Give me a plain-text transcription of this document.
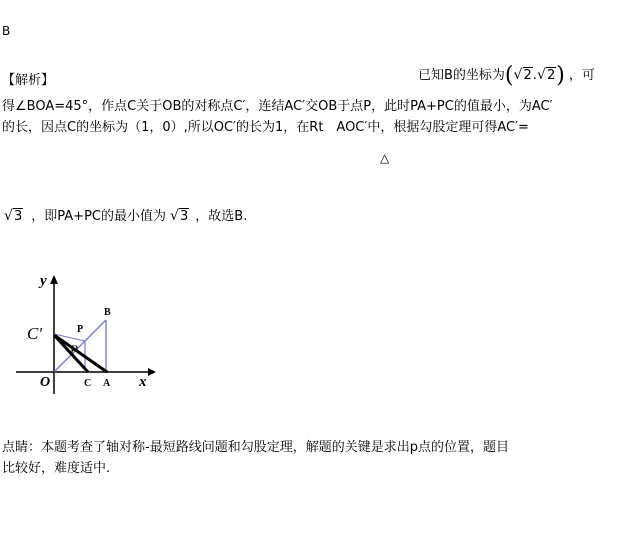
B
【解析】	已知B的坐标为( √ 2. √ 2) ，可
得∠BOA=45°，作点C关于OB的对称点C′，连结AC′交OB于点P，此时PA+PC的值最小，为AC′
的长，因点C的坐标为（1，0）,所以OC′的长为1，在Rt　AOC′中，根据勾股定理可得AC′=
△
√ 3 ，即PA+PC的最小值为 √ 3 ，故选B.
y
x
O	C A
B
P
P
C′
点睛：本题考查了轴对称-最短路线问题和勾股定理，解题的关键是求出p点的位置，题目
比较好，难度适中.
